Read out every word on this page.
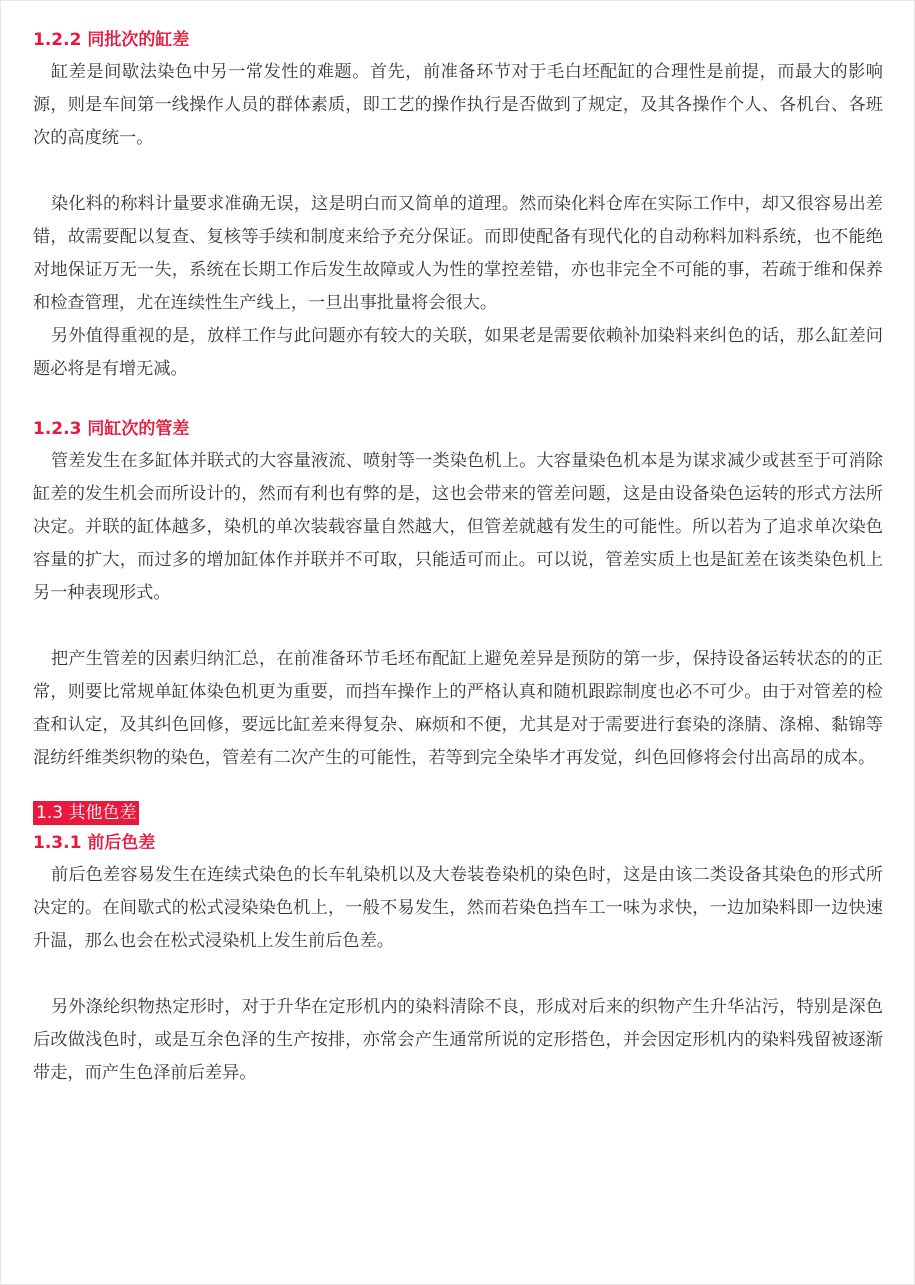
1.2.2 同批次的缸差

缸差是间歇法染色中另一常发性的难题。首先，前准备环节对于毛白坯配缸的合理性是前提，而最大的影响源，则是车间第一线操作人员的群体素质，即工艺的操作执行是否做到了规定，及其各操作个人、各机台、各班次的高度统一。

染化料的称料计量要求准确无误，这是明白而又简单的道理。然而染化料仓库在实际工作中，却又很容易出差错，故需要配以复查、复核等手续和制度来给予充分保证。而即使配备有现代化的自动称料加料系统，也不能绝对地保证万无一失，系统在长期工作后发生故障或人为性的掌控差错，亦也非完全不可能的事，若疏于维和保养和检查管理，尤在连续性生产线上，一旦出事批量将会很大。

另外值得重视的是，放样工作与此问题亦有较大的关联，如果老是需要依赖补加染料来纠色的话，那么缸差问题必将是有增无减。

1.2.3 同缸次的管差

管差发生在多缸体并联式的大容量液流、喷射等一类染色机上。大容量染色机本是为谋求减少或甚至于可消除缸差的发生机会而所设计的，然而有利也有弊的是，这也会带来的管差问题，这是由设备染色运转的形式方法所决定。并联的缸体越多，染机的单次装载容量自然越大，但管差就越有发生的可能性。所以若为了追求单次染色容量的扩大，而过多的增加缸体作并联并不可取，只能适可而止。可以说，管差实质上也是缸差在该类染色机上另一种表现形式。

把产生管差的因素归纳汇总，在前准备环节毛坯布配缸上避免差异是预防的第一步，保持设备运转状态的的正常，则要比常规单缸体染色机更为重要，而挡车操作上的严格认真和随机跟踪制度也必不可少。由于对管差的检查和认定，及其纠色回修，要远比缸差来得复杂、麻烦和不便，尤其是对于需要进行套染的涤腈、涤棉、黏锦等混纺纤维类织物的染色，管差有二次产生的可能性，若等到完全染毕才再发觉，纠色回修将会付出高昂的成本。

1.3 其他色差

1.3.1 前后色差

前后色差容易发生在连续式染色的长车轧染机以及大卷装卷染机的染色时，这是由该二类设备其染色的形式所决定的。在间歇式的松式浸染染色机上，一般不易发生，然而若染色挡车工一味为求快，一边加染料即一边快速升温，那么也会在松式浸染机上发生前后色差。

另外涤纶织物热定形时，对于升华在定形机内的染料清除不良，形成对后来的织物产生升华沾污，特别是深色后改做浅色时，或是互余色泽的生产按排，亦常会产生通常所说的定形搭色，并会因定形机内的染料残留被逐渐带走，而产生色泽前后差异。
